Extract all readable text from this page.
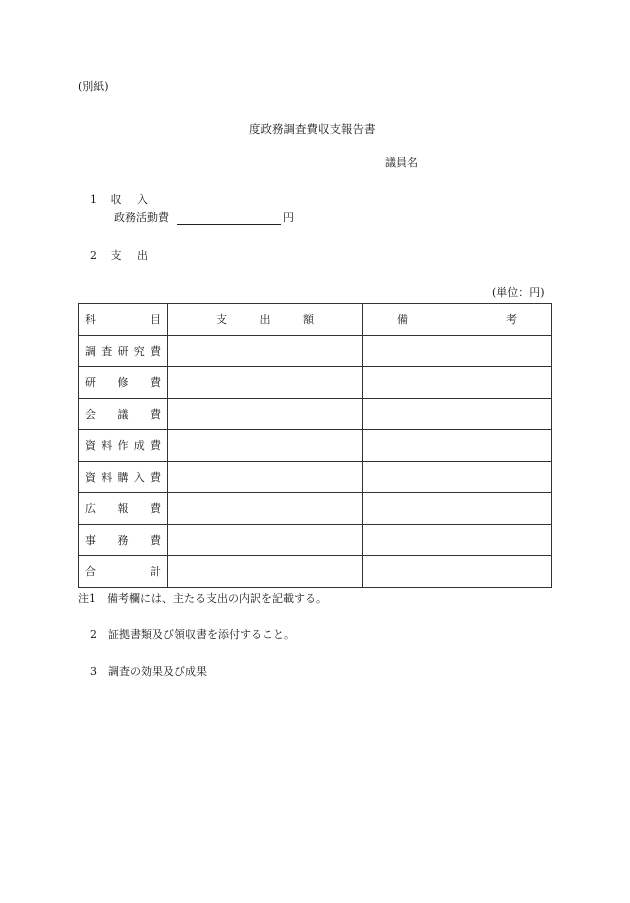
(別紙)
度政務調査費収支報告書
議員名
1 収 入
政務活動費	円
2 支 出
(単位：円)
科 目	支 出 額	備 考

調 査 研 究 費		

研 修 費		

会 議 費		

資 料 作 成 費		

資 料 購 入 費		

広 報 費		

事 務 費		

合 計		

注1　備考欄には、主たる支出の内訳を記載する。
2　証拠書類及び領収書を添付すること。
3　調査の効果及び成果
